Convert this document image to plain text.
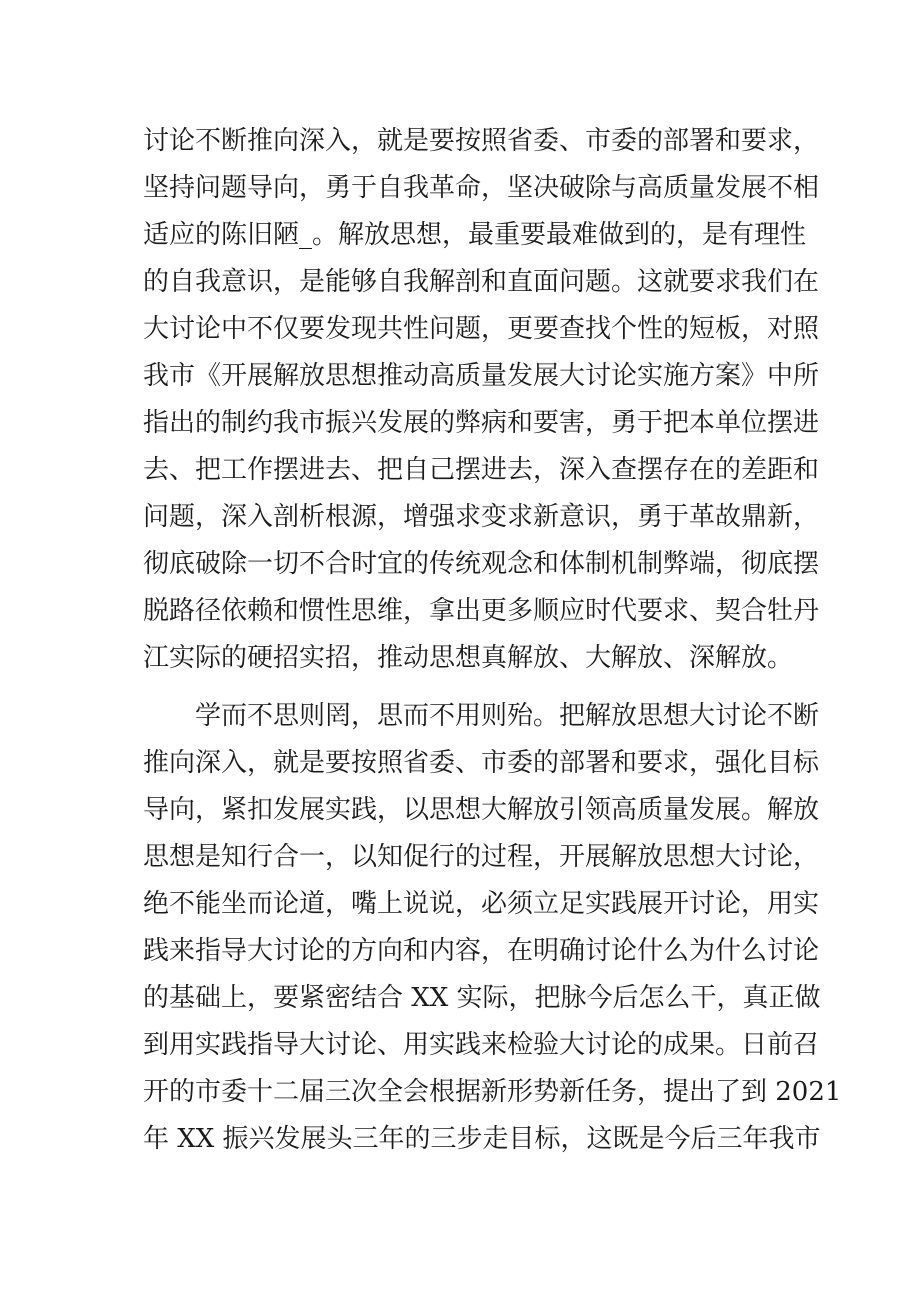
讨论不断推向深入，就是要按照省委、市委的部署和要求，
坚持问题导向，勇于自我革命，坚决破除与高质量发展不相
适应的陈旧陋_。解放思想，最重要最难做到的，是有理性
的自我意识，是能够自我解剖和直面问题。这就要求我们在
大讨论中不仅要发现共性问题，更要查找个性的短板，对照
我市《开展解放思想推动高质量发展大讨论实施方案》中所
指出的制约我市振兴发展的弊病和要害，勇于把本单位摆进
去、把工作摆进去、把自己摆进去，深入查摆存在的差距和
问题，深入剖析根源，增强求变求新意识，勇于革故鼎新，
彻底破除一切不合时宜的传统观念和体制机制弊端，彻底摆
脱路径依赖和惯性思维，拿出更多顺应时代要求、契合牡丹
江实际的硬招实招，推动思想真解放、大解放、深解放。
学而不思则罔，思而不用则殆。把解放思想大讨论不断
推向深入，就是要按照省委、市委的部署和要求，强化目标
导向，紧扣发展实践，以思想大解放引领高质量发展。解放
思想是知行合一，以知促行的过程，开展解放思想大讨论，
绝不能坐而论道，嘴上说说，必须立足实践展开讨论，用实
践来指导大讨论的方向和内容，在明确讨论什么为什么讨论
的基础上，要紧密结合 XX 实际，把脉今后怎么干，真正做
到用实践指导大讨论、用实践来检验大讨论的成果。日前召
开的市委十二届三次全会根据新形势新任务，提出了到 2021
年 XX 振兴发展头三年的三步走目标，这既是今后三年我市
